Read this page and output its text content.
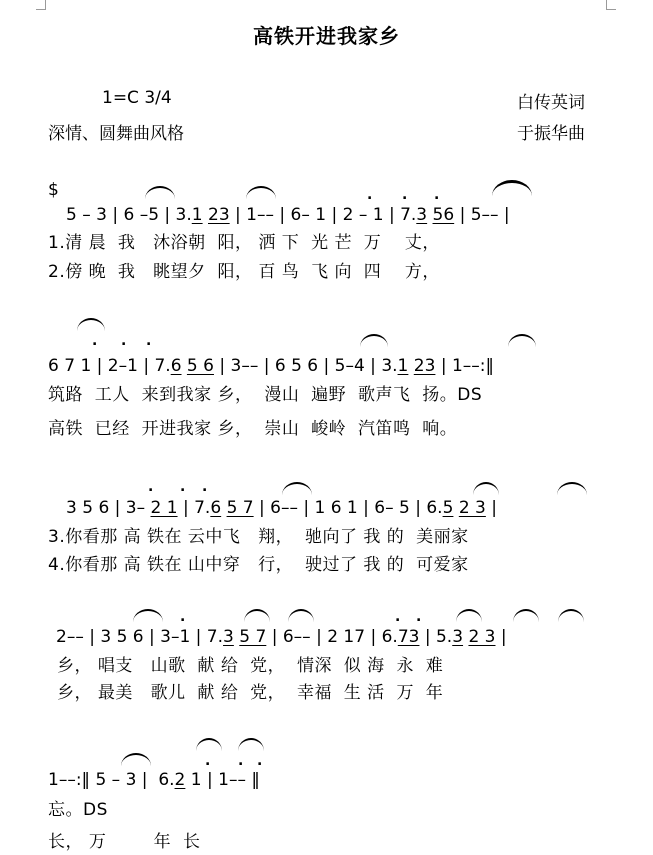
高铁开进我家乡
1=C 3/4
深情、圆舞曲风格
白传英词
于振华曲
$
5 – 3 | 6 –5 | 3.1 23 | 1–– | 6– 1 | 2 – 1 | 7.3 56 | 5–– |
1.清 晨  我   沐浴朝  阳， 洒 下  光 芒  万    丈，
2.傍 晚  我   眺望夕  阳， 百 鸟  飞 向  四    方，
. . .
6 7 1 | 2–1 | 7.6 5 6 | 3–– | 6 5 6 | 5–4 | 3.1 23 | 1––:‖
筑路  工人  来到我家 乡，  漫山  遍野  歌声飞  扬。DS
高铁  已经  开进我家 乡，  崇山  峻岭  汽笛鸣  响。
. . .
3 5 6 | 3– 2 1 | 7.6 5 7 | 6–– | 1 6 1 | 6– 5 | 6.5 2 3 |
3.你看那 高 铁在 云中飞   翔，  驰向了 我 的  美丽家
4.你看那 高 铁在 山中穿   行，  驶过了 我 的  可爱家
. . .
2–– | 3 5 6 | 3–1 | 7.3 5 7 | 6–– | 2 17 | 6.73 | 5.3 2 3 |
乡， 唱支   山歌  献 给  党，  情深  似 海  永  难
乡， 最美   歌儿  献 给  党，  幸福  生 活  万  年
.	. .
1––:‖ 5 – 3 |  6.2 1 | 1–– ‖
忘。DS
长， 万        年  长
. . .
